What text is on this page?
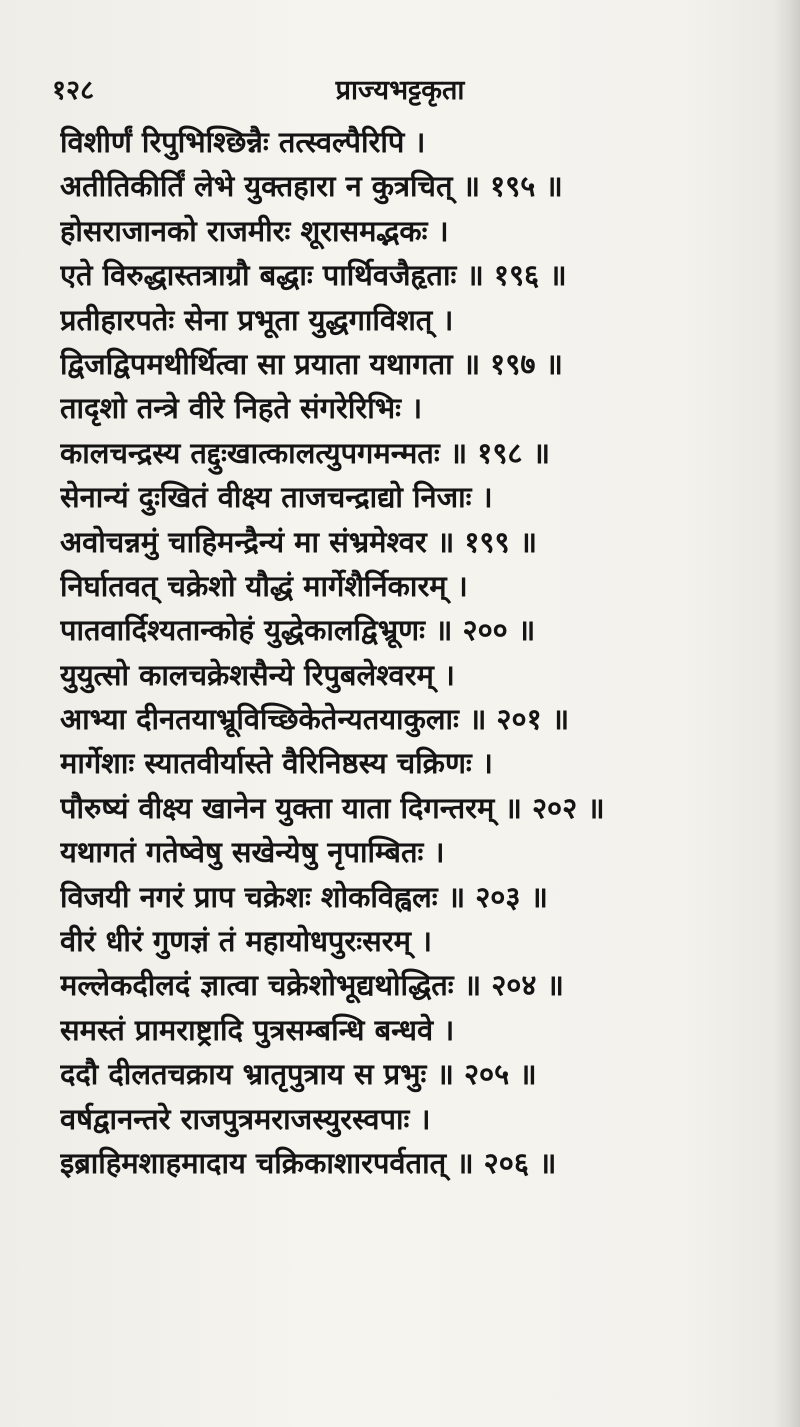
१२८	प्राज्यभट्टकृता
विशीर्णं रिपुभिश्छिन्नैः तत्स्वल्पैरिपि ।
अतीतिकीर्तिं लेभे युक्तहारा न कुत्रचित् ॥ १९५ ॥
होसराजानको राजमीरः शूरासमद्भकः ।
एते विरुद्धास्तत्राग्रौ बद्धाः पार्थिवजैहृताः ॥ १९६ ॥
प्रतीहारपतेः सेना प्रभूता युद्धगाविशत् ।
द्विजद्विपमथीर्थित्वा सा प्रयाता यथागता ॥ १९७ ॥
तादृशो तन्त्रे वीरे निहते संगरेरिभिः ।
कालचन्द्रस्य तद्दुःखात्कालत्युपगमन्मतः ॥ १९८ ॥
सेनान्यं दुःखितं वीक्ष्य ताजचन्द्राद्यो निजाः ।
अवोचन्नमुं चाहिमन्द्रैन्यं मा संभ्रमेश्वर ॥ १९९ ॥
निर्घातवत् चक्रेशो यौद्धं मार्गेशैर्निकारम् ।
पातवार्दिश्यतान्कोहं युद्धेकालद्विभ्रूणः ॥ २०० ॥
युयुत्सो कालचक्रेशसैन्ये रिपुबलेश्वरम् ।
आभ्या दीनतयाभ्रूविच्छिकेतेन्यतयाकुलाः ॥ २०१ ॥
मार्गेशाः स्यातवीर्यास्ते वैरिनिष्ठस्य चक्रिणः ।
पौरुष्यं वीक्ष्य खानेन युक्ता याता दिगन्तरम् ॥ २०२ ॥
यथागतं गतेष्वेषु सखेन्येषु नृपाम्बितः ।
विजयी नगरं प्राप चक्रेशः शोकविह्वलः ॥ २०३ ॥
वीरं धीरं गुणज्ञं तं महायोधपुरःसरम् ।
मल्लेकदीलदं ज्ञात्वा चक्रेशोभूद्यथोद्धितः ॥ २०४ ॥
समस्तं प्रामराष्ट्रादि पुत्रसम्बन्धि बन्धवे ।
ददौ दीलतचक्राय भ्रातृपुत्राय स प्रभुः ॥ २०५ ॥
वर्षद्वानन्तरे राजपुत्रमराजस्युरस्वपाः ।
इब्राहिमशाहमादाय चक्रिकाशारपर्वतात् ॥ २०६ ॥
